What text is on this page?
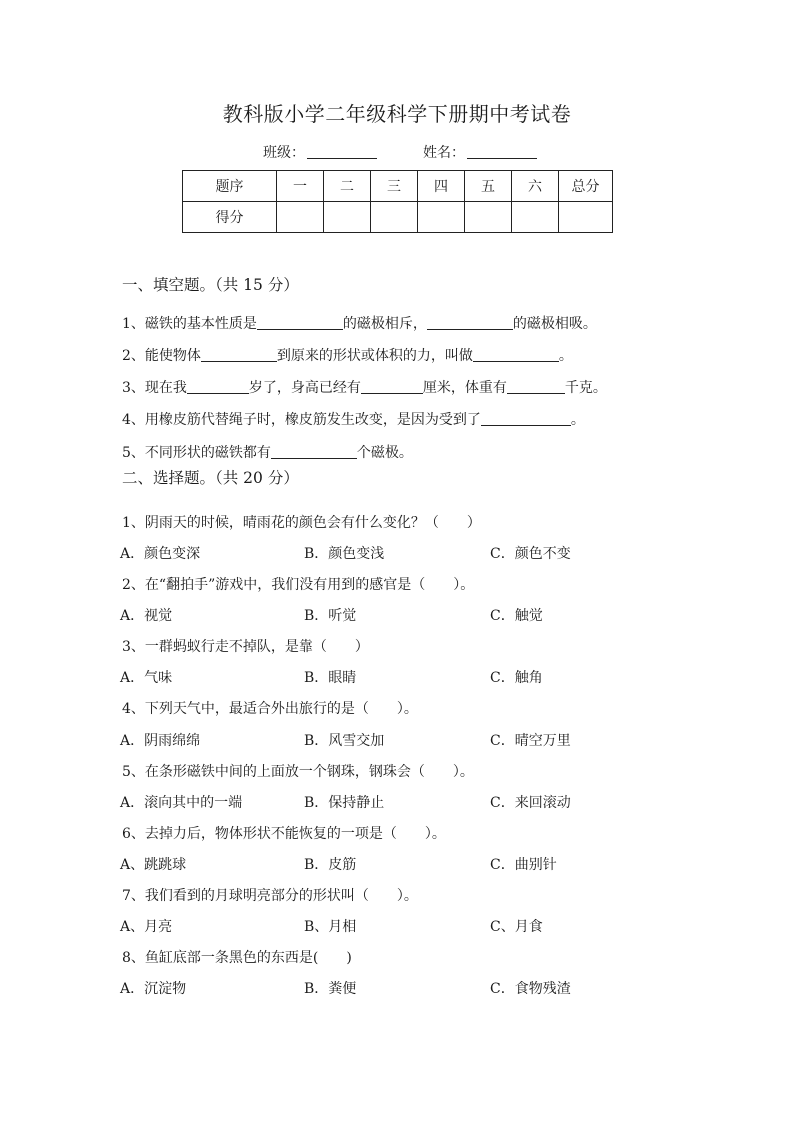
教科版小学二年级科学下册期中考试卷
班级：	姓名：
题序	一	二	三	四	五	六	总分
得分							
一、填空题。（共 15 分）
1、磁铁的基本性质是	的磁极相斥，	的磁极相吸。
2、能使物体	到原来的形状或体积的力，叫做	。
3、现在我	岁了，身高已经有	厘米，体重有	千克。
4、用橡皮筋代替绳子时，橡皮筋发生改变，是因为受到了	。
5、不同形状的磁铁都有	个磁极。
二、选择题。（共 20 分）
1、阴雨天的时候，晴雨花的颜色会有什么变化？（　　）
A．颜色变深	B．颜色变浅	C．颜色不变
2、在“翻拍手”游戏中，我们没有用到的感官是（　　）。
A．视觉	B．听觉	C．触觉
3、一群蚂蚁行走不掉队，是靠（　　）
A．气味	B．眼睛	C．触角
4、下列天气中，最适合外出旅行的是（　　）。
A．阴雨绵绵	B．风雪交加	C．晴空万里
5、在条形磁铁中间的上面放一个钢珠，钢珠会（　　）。
A．滚向其中的一端	B．保持静止	C．来回滚动
6、去掉力后，物体形状不能恢复的一项是（　　）。
A、跳跳球	B．皮筋	C．曲别针
7、我们看到的月球明亮部分的形状叫（　　）。
A、月亮	B、月相	C、月食
8、鱼缸底部一条黑色的东西是(　　)
A．沉淀物	B．粪便	C．食物残渣
